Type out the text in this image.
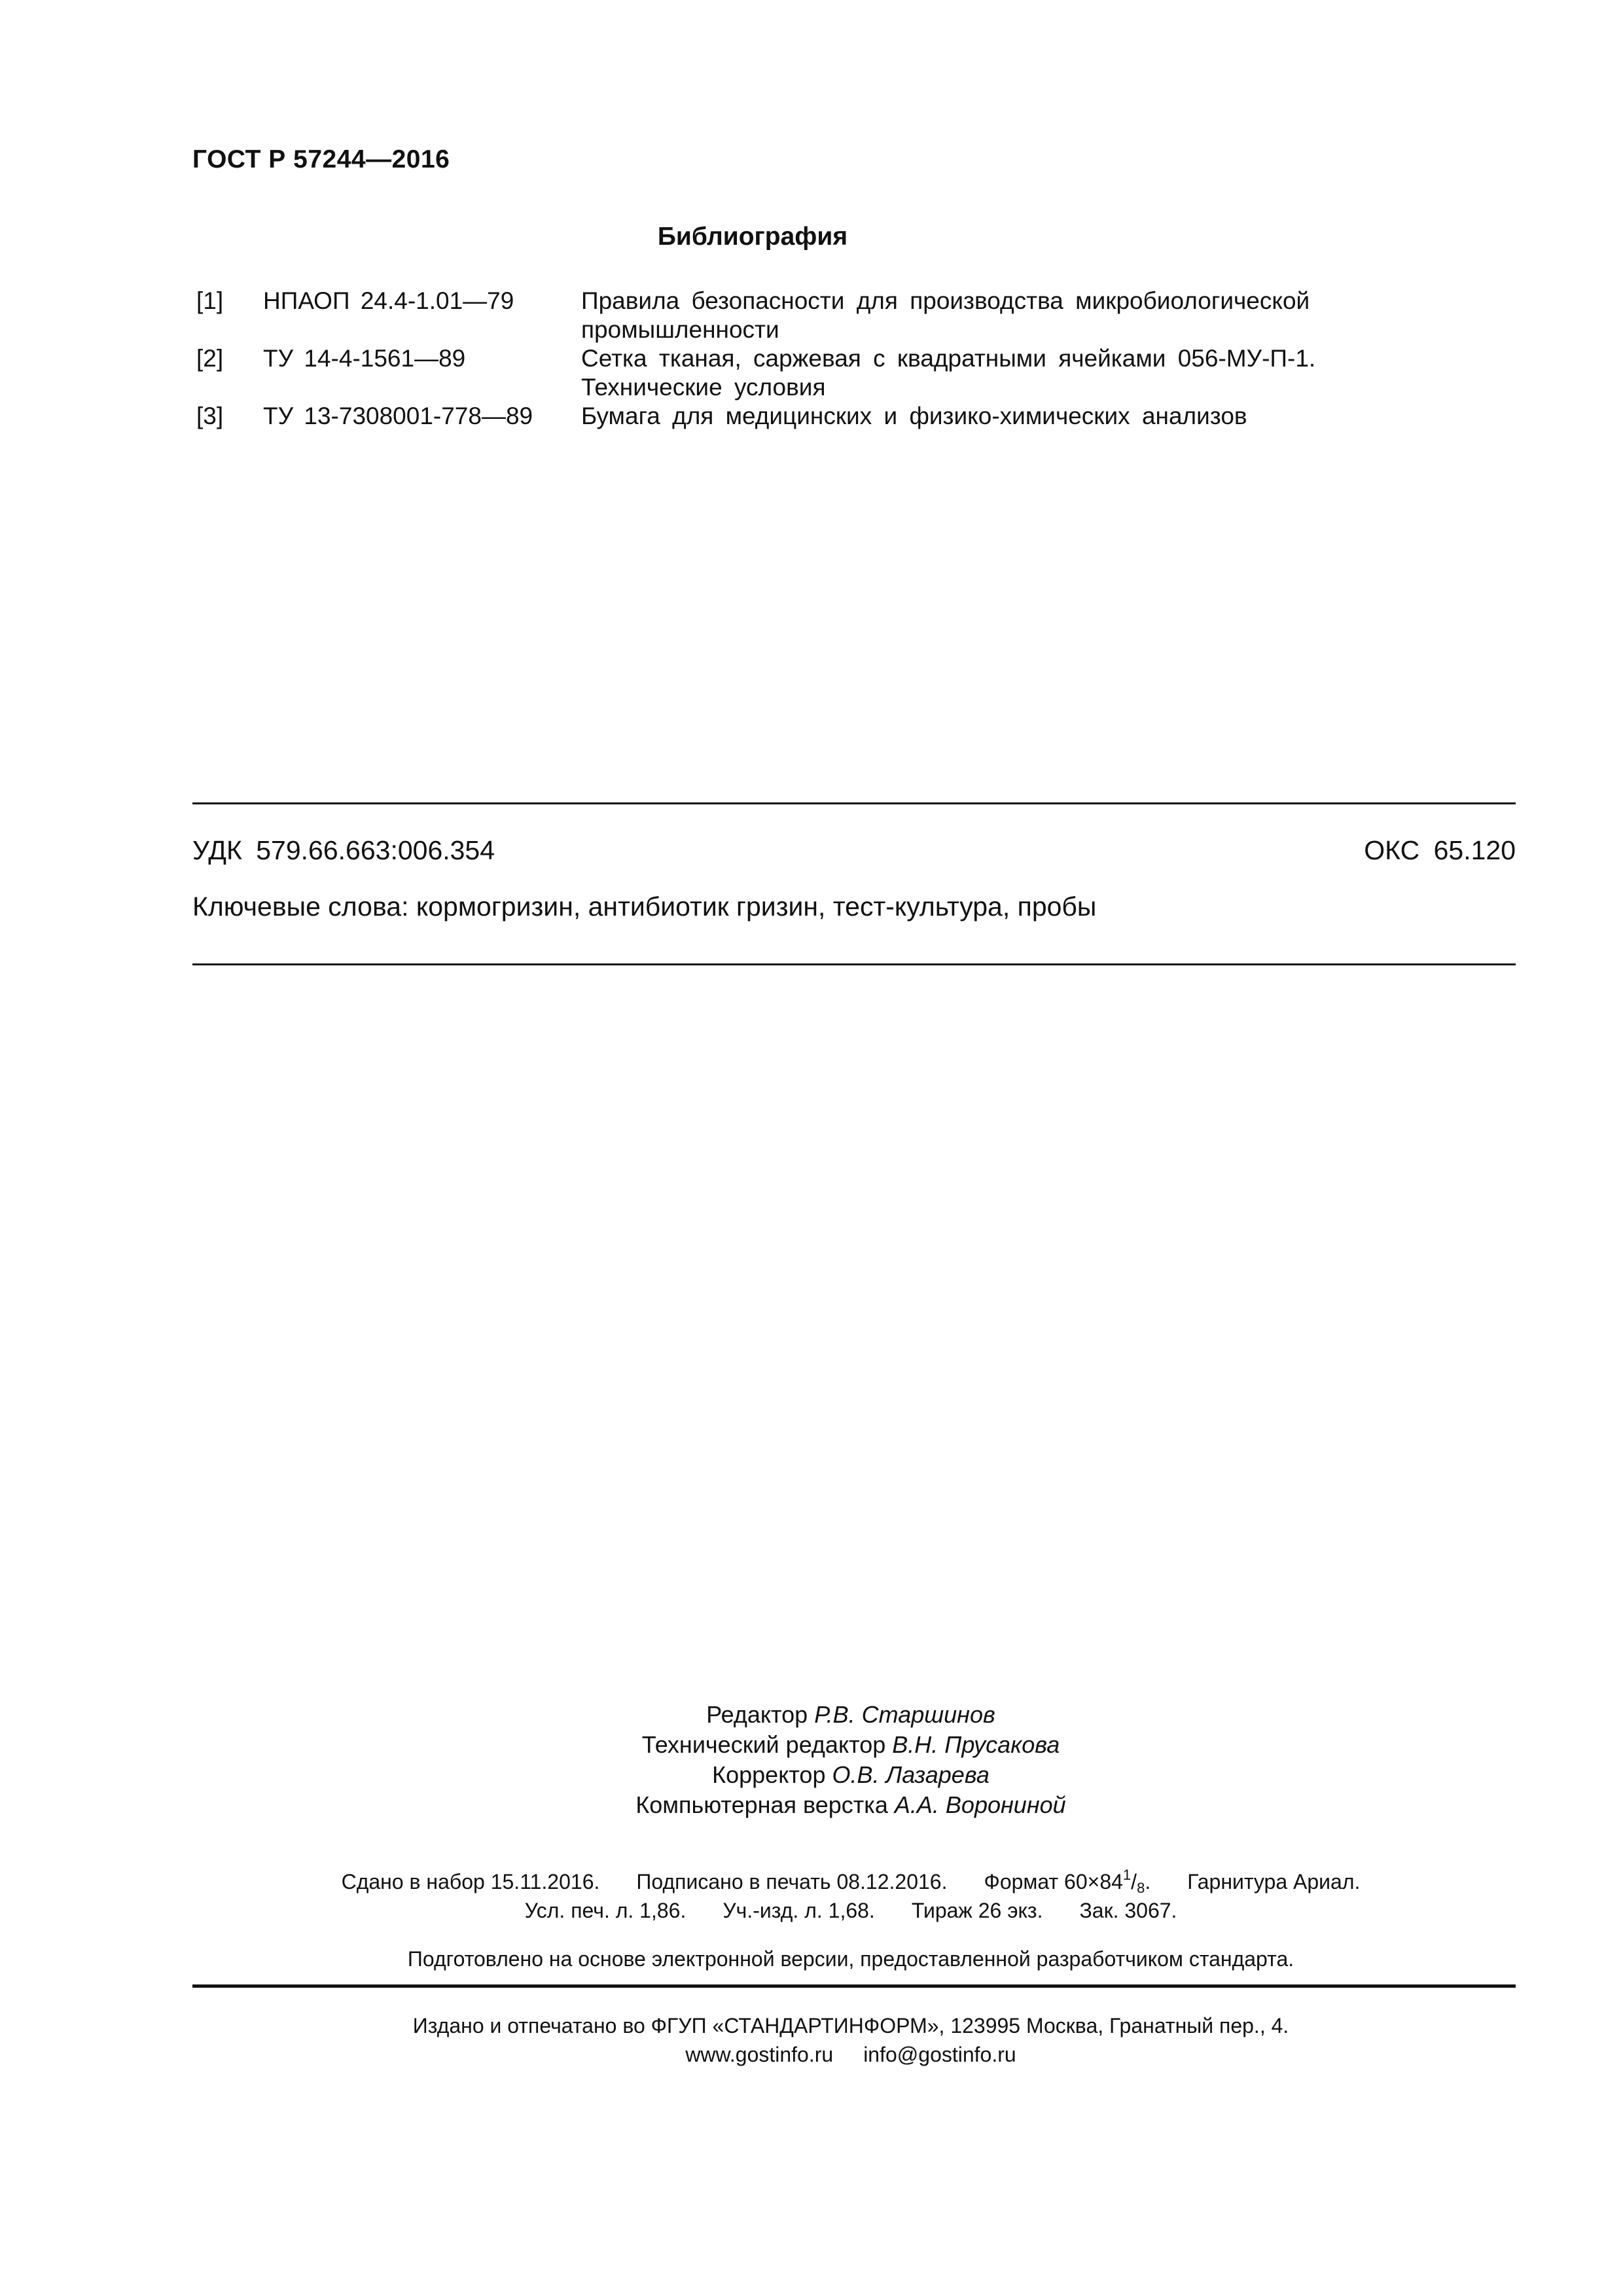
ГОСТ Р 57244—2016
Библиография
[1]	НПАОП 24.4-1.01—79	Правила безопасности для производства микробиологической
промышленности
[2]	ТУ 14-4-1561—89	Сетка тканая, саржевая с квадратными ячейками 056-МУ-П-1.
Технические условия
[3]	ТУ 13-7308001-778—89	Бумага для медицинских и физико-химических анализов
УДК 579.66.663:006.354	ОКС 65.120
Ключевые слова: кормогризин, антибиотик гризин, тест-культура, пробы
Редактор Р.В. Старшинов
Технический редактор В.Н. Прусакова
Корректор О.В. Лазарева
Компьютерная верстка А.А. Ворониной
Сдано в набор 15.11.2016. Подписано в печать 08.12.2016. Формат $60\times 84^1/_8$. Гарнитура Ариал.
Усл. печ. л. 1,86. Уч.-изд. л. 1,68. Тираж 26 экз. Зак. 3067.
Подготовлено на основе электронной версии, предоставленной разработчиком стандарта.
Издано и отпечатано во ФГУП «СТАНДАРТИНФОРМ», 123995 Москва, Гранатный пер., 4.
www.gostinfo.ru info@gostinfo.ru
